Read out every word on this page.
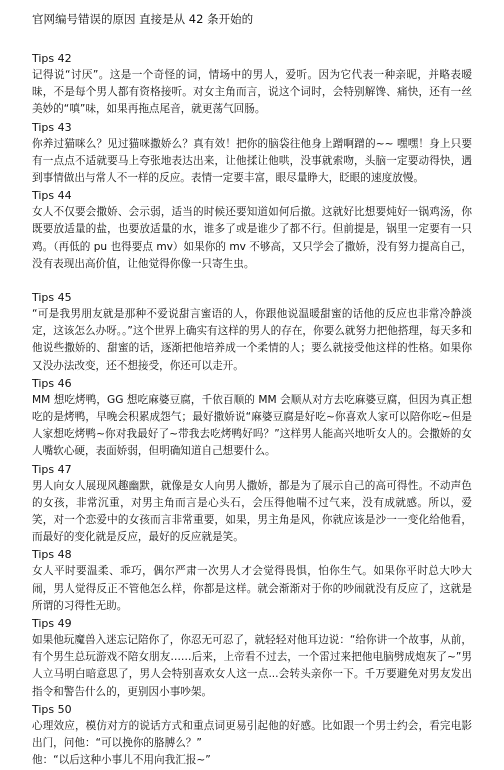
官网编号错误的原因 直接是从 42 条开始的

Tips 42

记得说“讨厌”。这是一个奇怪的词，情场中的男人，爱听。因为它代表一种亲昵，并略表暧昧，不是每个男人都有资格接听。对女主角而言，说这个词时，会特别解馋、痛快，还有一丝美妙的“嗔”味，如果再拖点尾音，就更荡气回肠。

Tips 43

你养过猫咪么？见过猫咪撒娇么？真有效！把你的脑袋往他身上蹭啊蹭的~~ 嘿嘿！身上只要有一点点不适就要马上夸张地表达出来，让他揉让他哄，没事就索吻，头脑一定要动得快，遇到事情做出与常人不一样的反应。表情一定要丰富，眼尽量睁大，眨眼的速度放慢。

Tips 44

女人不仅要会撒娇、会示弱，适当的时候还要知道如何后撤。这就好比想要炖好一锅鸡汤，你既要放适量的盐，也要放适量的水，谁多了或是谁少了都不行。但前提是，锅里一定要有一只鸡。（再低的 pu 也得要点 mv）如果你的 mv 不够高，又只学会了撒娇，没有努力提高自己，没有表现出高价值，让他觉得你像一只寄生虫。

Tips 45

“可是我男朋友就是那种不爱说甜言蜜语的人，你跟他说温暖甜蜜的话他的反应也非常冷静淡定，这该怎么办呀。。”这个世界上确实有这样的男人的存在，你要么就努力把他搭理，每天多和他说些撒娇的、甜蜜的话，逐渐把他培养成一个柔情的人；要么就接受他这样的性格。如果你又没办法改变，还不想接受，你还可以走开。

Tips 46

MM 想吃烤鸭，GG 想吃麻婆豆腐，千依百顺的 MM 会顺从对方去吃麻婆豆腐，但因为真正想吃的是烤鸭，早晚会积累成怨气；最好撒娇说“麻婆豆腐是好吃~你喜欢人家可以陪你吃~但是人家想吃烤鸭~你对我最好了~带我去吃烤鸭好吗？”这样男人能高兴地听女人的。会撒娇的女人嘴软心硬，表面娇弱，但明确知道自己想要什么。

Tips 47

男人向女人展现风趣幽默，就像是女人向男人撒娇，都是为了展示自己的高可得性。不动声色的女孩，非常沉重，对男主角而言是心头石，会压得他喘不过气来，没有成就感。所以，爱笑，对一个恋爱中的女孩而言非常重要，如果，男主角是风，你就应该是沙一一变化给他看，而最好的变化就是反应，最好的反应就是笑。

Tips 48

女人平时要温柔、乖巧，偶尔严肃一次男人才会觉得畏惧，怕你生气。如果你平时总大吵大闹，男人觉得反正不管他怎么样，你都是这样。就会渐渐对于你的吵闹就没有反应了，这就是所谓的习得性无助。

Tips 49

如果他玩魔兽入迷忘记陪你了，你忍无可忍了，就轻轻对他耳边说：“给你讲一个故事，从前，有个男生总玩游戏不陪女朋友……后来，上帝看不过去，一个雷过来把他电脑劈成炮灰了~”男人立马明白暗意思了，男人会特别喜欢女人这一点...会转头亲你一下。千万要避免对男友发出指令和警告什么的，更别因小事吵架。

Tips 50

心理效应，模仿对方的说话方式和重点词更易引起他的好感。比如跟一个男士约会，看完电影出门，问他：“可以挽你的胳膊么？”
他：“以后这种小事儿不用向我汇报~”
